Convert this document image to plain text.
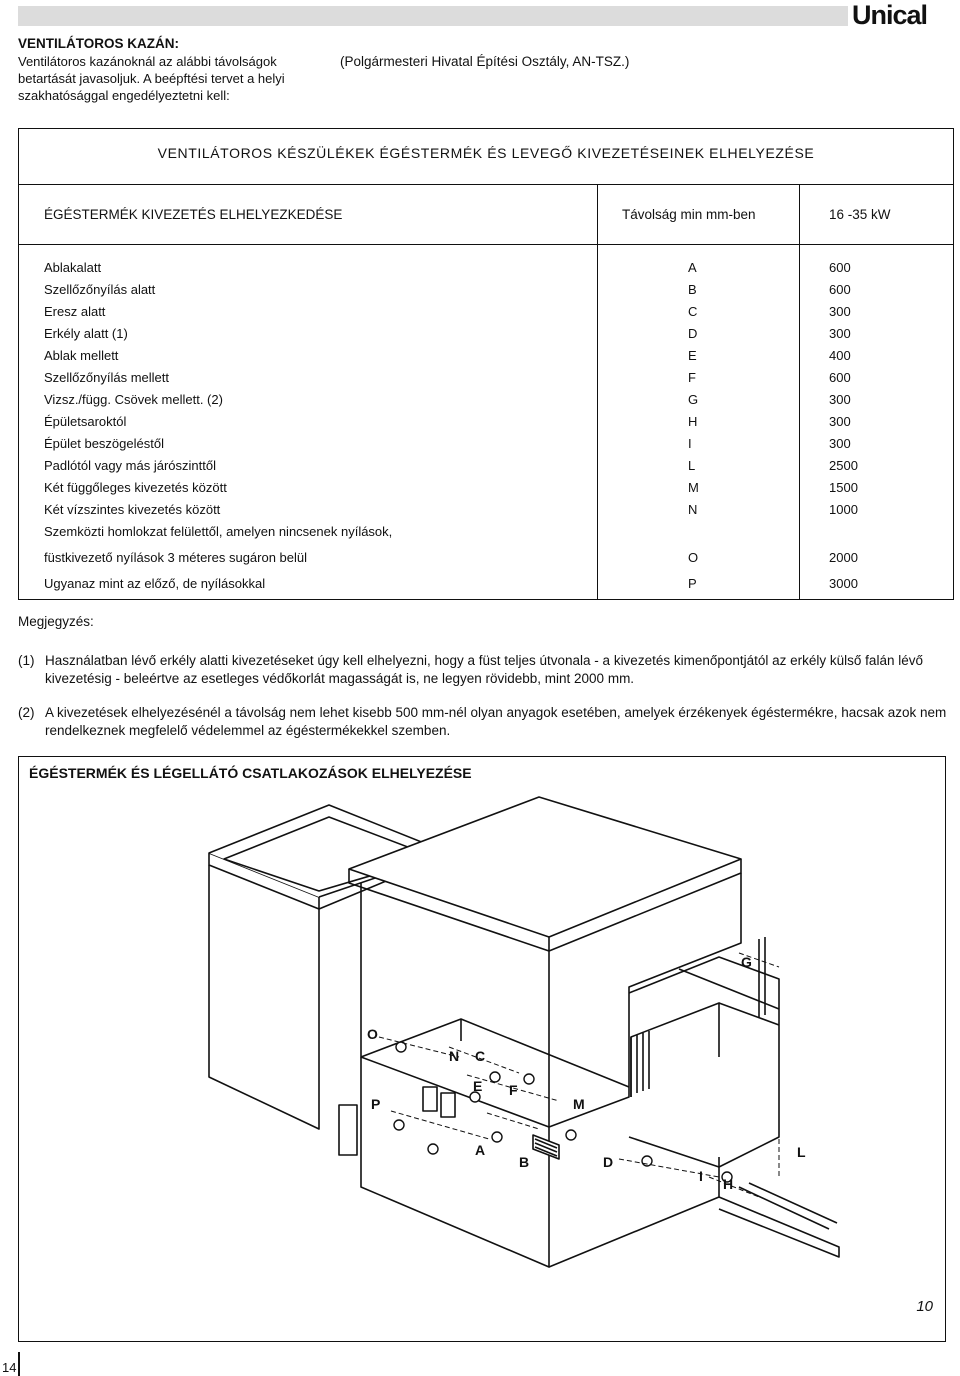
Unical
VENTILÁTOROS KAZÁN:
Ventilátoros kazánoknál az alábbi távolságok betartását javasoljuk. A beépftési tervet a helyi szakhatósággal engedélyeztetni kell:
(Polgármesteri Hivatal Építési Osztály, AN-TSZ.)
VENTILÁTOROS KÉSZÜLÉKEK ÉGÉSTERMÉK ÉS LEVEGŐ KIVEZETÉSEINEK ELHELYEZÉSE
ÉGÉSTERMÉK KIVEZETÉS ELHELYEZKEDÉSE	Távolság min mm-ben	16 -35 kW
Ablakalatt	A	600
Szellőzőnyílás alatt	B	600
Eresz alatt	C	300
Erkély alatt (1)	D	300
Ablak mellett	E	400
Szellőzőnyílás mellett	F	600
Vizsz./függ. Csövek mellett. (2)	G	300
Épületsaroktól	H	300
Épület beszögeléstől	I	300
Padlótól vagy más járószinttől	L	2500
Két függőleges kivezetés között	M	1500
Két vízszintes kivezetés között	N	1000
Szemközti homlokzat felülettől, amelyen nincsenek nyílások,
füstkivezető nyílások 3 méteres sugáron belül	O	2000
Ugyanaz mint az előző, de nyílásokkal	P	3000
Megjegyzés:
(1) Használatban lévő erkély alatti kivezetéseket úgy kell elhelyezni, hogy a füst teljes útvonala - a kivezetés kimenőpontjától az erkély külső falán lévő kivezetésig - beleértve az esetleges védőkorlát magasságát is, ne legyen rövidebb, mint 2000 mm.
(2) A kivezetések elhelyezésénél a távolság nem lehet kisebb 500 mm-nél olyan anyagok esetében, amelyek érzékenyek égéstermékre, hacsak azok nem rendelkeznek megfelelő védelemmel az égéstermékekkel szemben.
ÉGÉSTERMÉK ÉS LÉGELLÁTÓ CSATLAKOZÁSOK ELHELYEZÉSE
O
N C
E F
M
P
A
B	D
I H
L
G
10
14
